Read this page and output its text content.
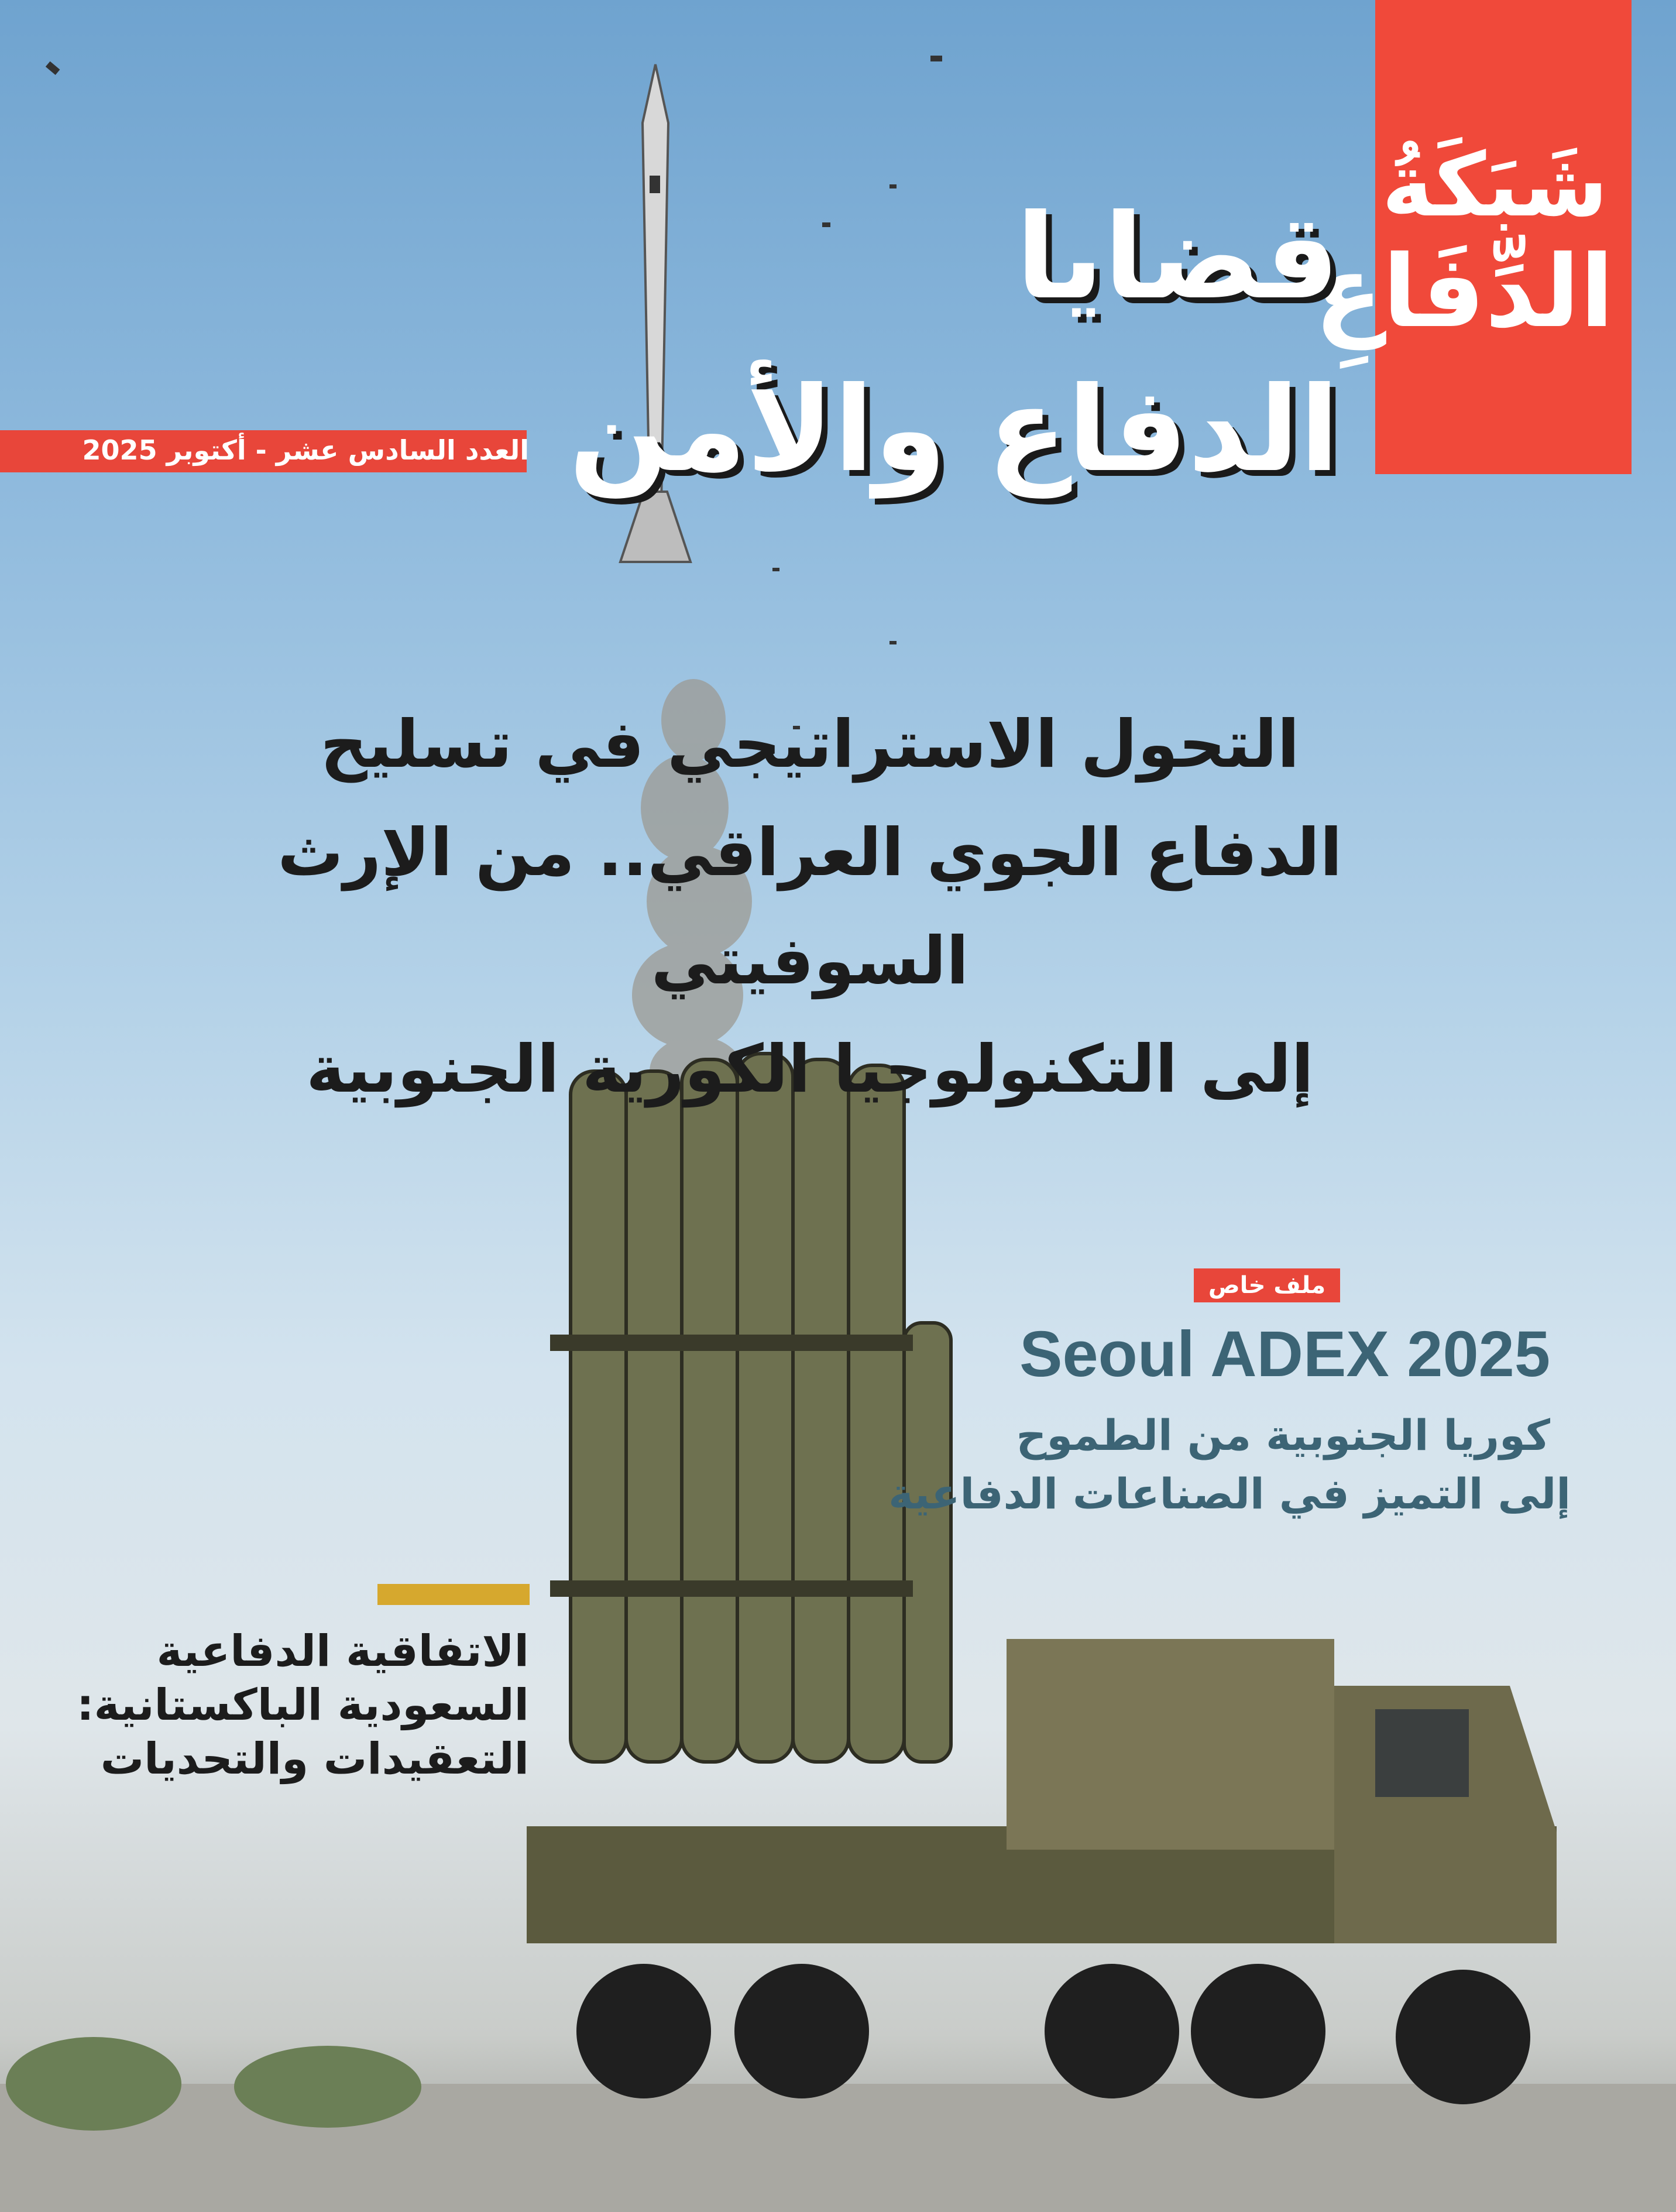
شَبَكَةُ
الدِّفَاعِ
قضايا
الدفاع والأمن
العدد السادس عشر - أكتوبر 2025
التحول الاستراتيجي في تسليح
الدفاع الجوي العراقي.. من الإرث السوفيتي
إلى التكنولوجيا الكورية الجنوبية
ملف خاص
Seoul ADEX 2025
كوريا الجنوبية من الطموح
إلى التميز في الصناعات الدفاعية
الاتفاقية الدفاعية
السعودية الباكستانية:
التعقيدات والتحديات
